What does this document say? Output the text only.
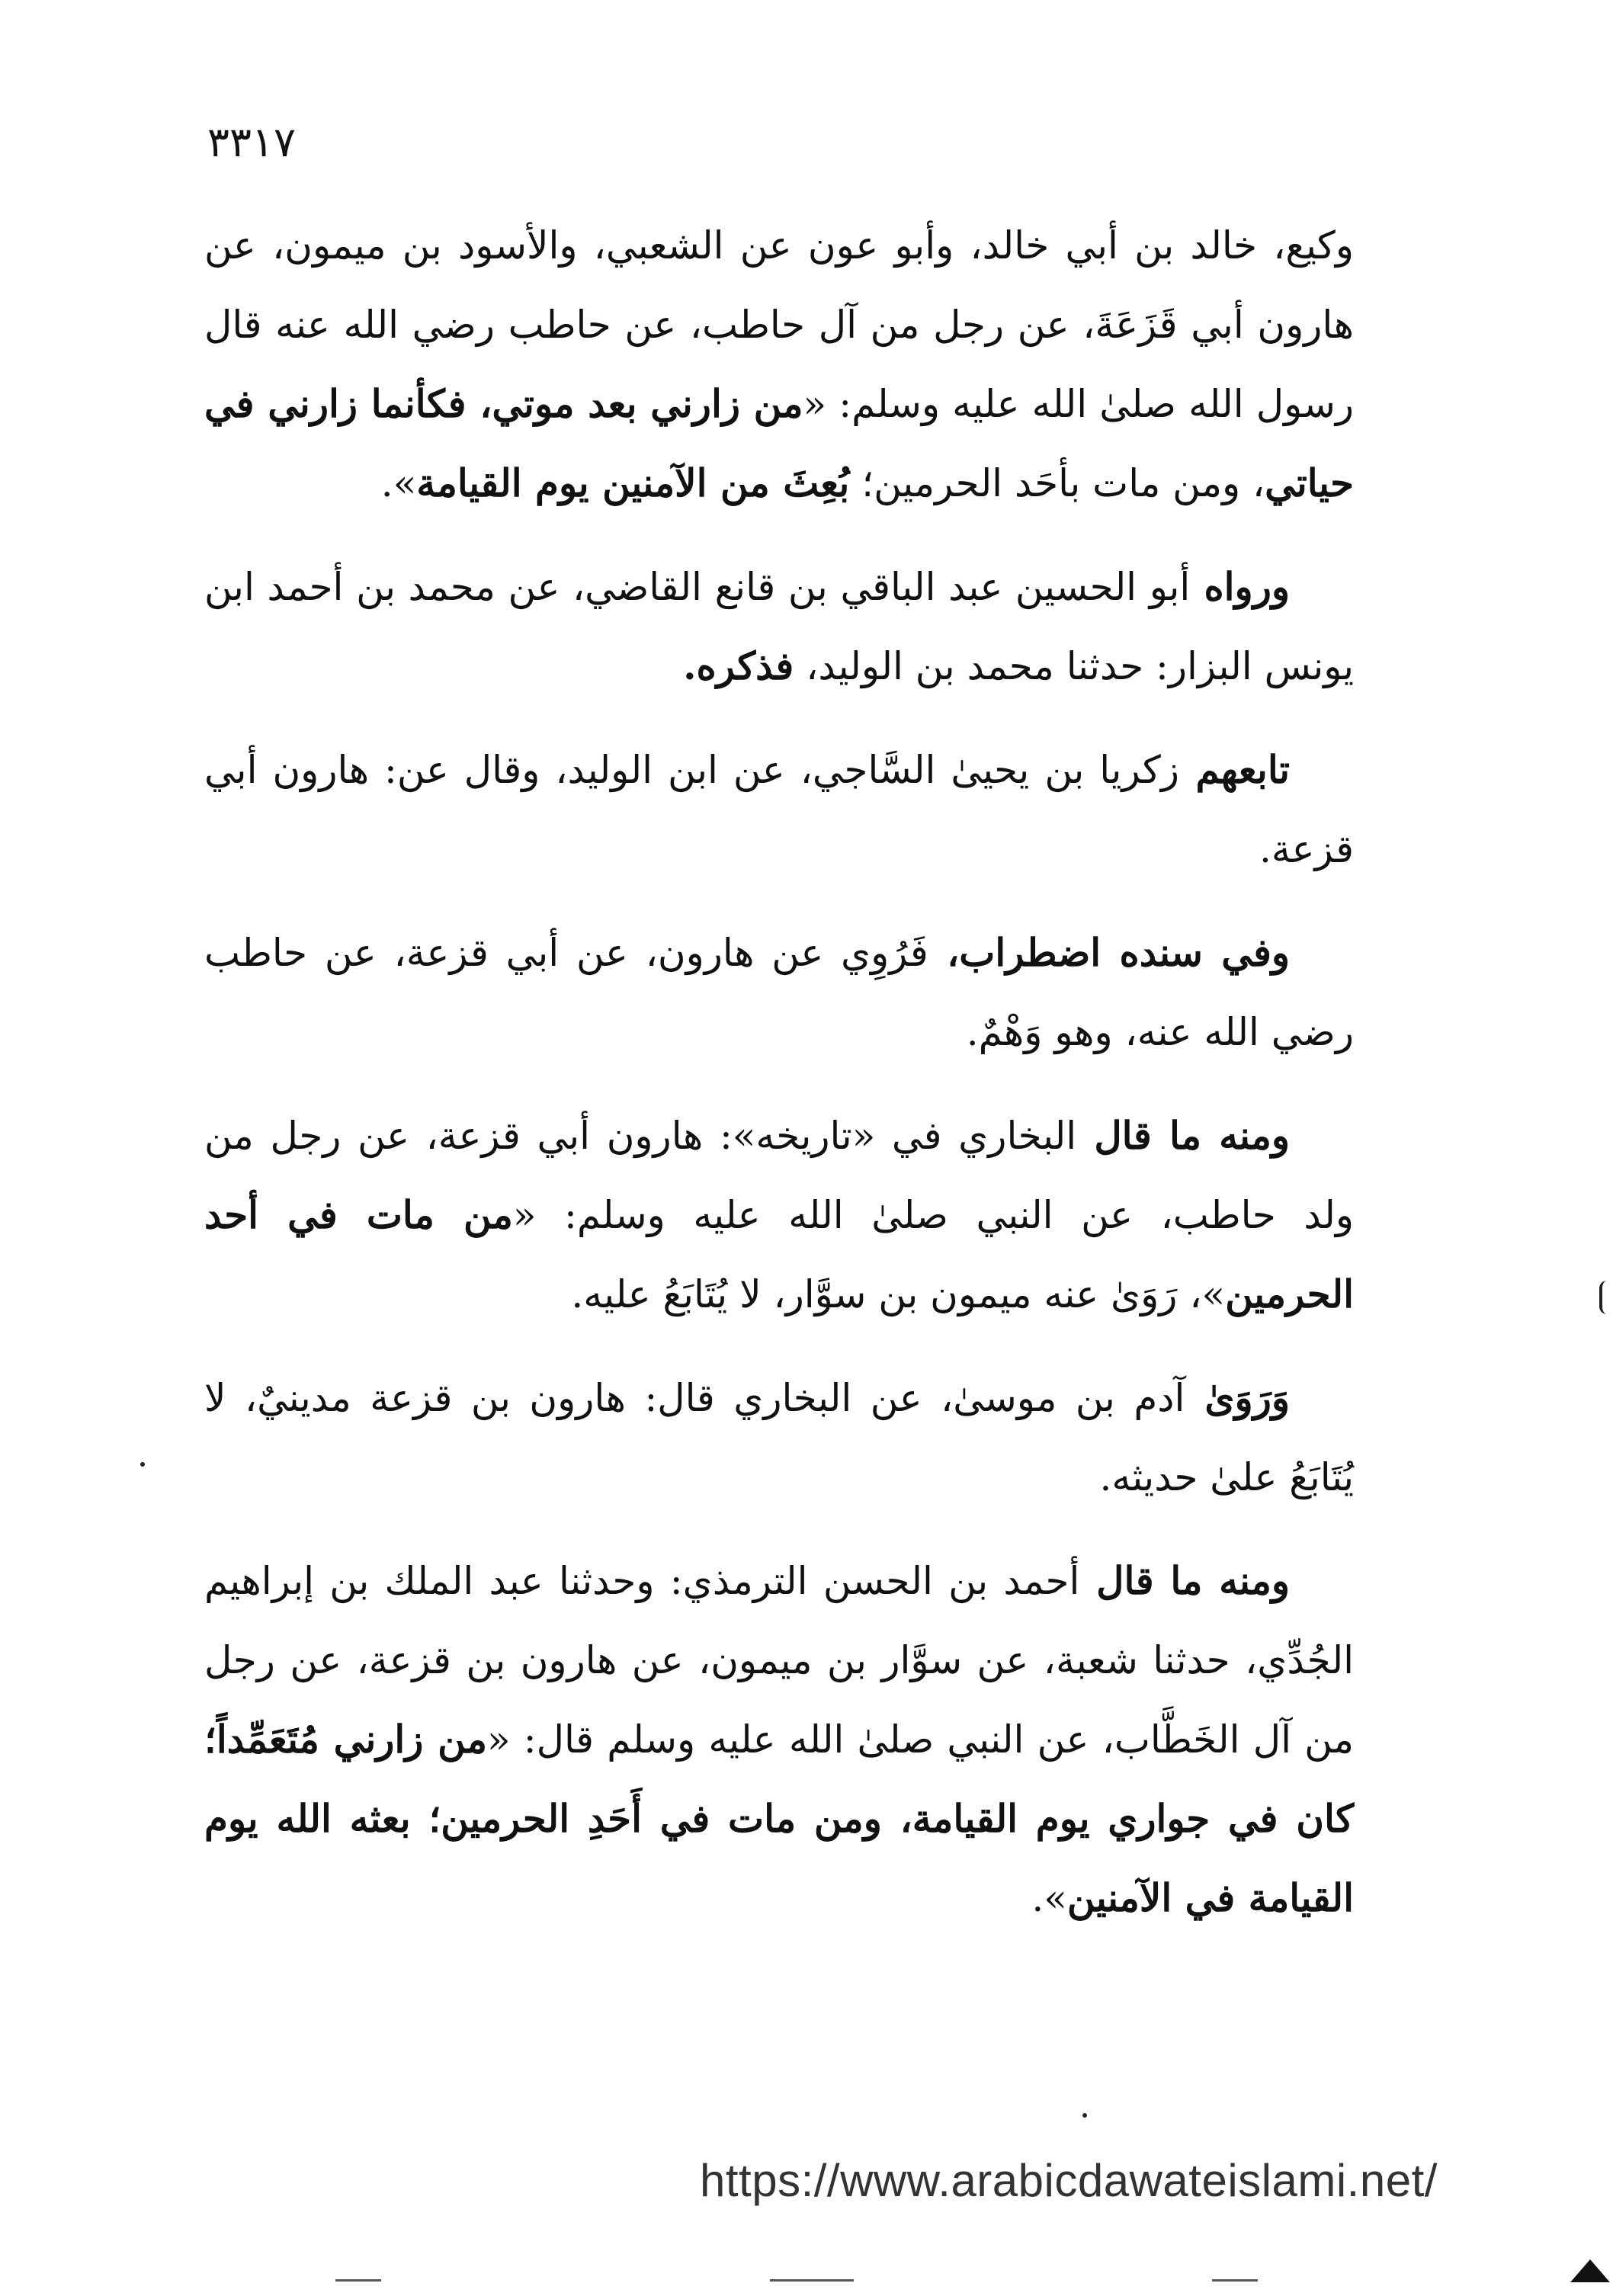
٣٣١٧

وكيع، خالد بن أبي خالد، وأبو عون عن الشعبي، والأسود بن ميمون، عن هارون أبي قَزَعَةَ، عن رجل من آل حاطب، عن حاطب رضي الله عنه قال رسول الله صلىٰ الله عليه وسلم: «من زارني بعد موتي، فكأنما زارني في حياتي، ومن مات بأحَد الحرمين؛ بُعِثَ من الآمنين يوم القيامة».

ورواه أبو الحسين عبد الباقي بن قانع القاضي، عن محمد بن أحمد ابن يونس البزار: حدثنا محمد بن الوليد، فذكره.

تابعهم زكريا بن يحيىٰ السَّاجي، عن ابن الوليد، وقال عن: هارون أبي قزعة.

وفي سنده اضطراب، فَرُوِي عن هارون، عن أبي قزعة، عن حاطب رضي الله عنه، وهو وَهْمٌ.

ومنه ما قال البخاري في «تاريخه»: هارون أبي قزعة، عن رجل من ولد حاطب، عن النبي صلىٰ الله عليه وسلم: «من مات في أحد الحرمين»، رَوَىٰ عنه ميمون بن سوَّار، لا يُتَابَعُ عليه.

وَرَوَىٰ آدم بن موسىٰ، عن البخاري قال: هارون بن قزعة مدينيٌ، لا يُتَابَعُ علىٰ حديثه.

ومنه ما قال أحمد بن الحسن الترمذي: وحدثنا عبد الملك بن إبراهيم الجُدِّي، حدثنا شعبة، عن سوَّار بن ميمون، عن هارون بن قزعة، عن رجل من آل الخَطَّاب، عن النبي صلىٰ الله عليه وسلم قال: «من زارني مُتَعَمِّداً؛ كان في جواري يوم القيامة، ومن مات في أَحَدِ الحرمين؛ بعثه الله يوم القيامة في الآمنين».

https://www.arabicdawateislami.net/
